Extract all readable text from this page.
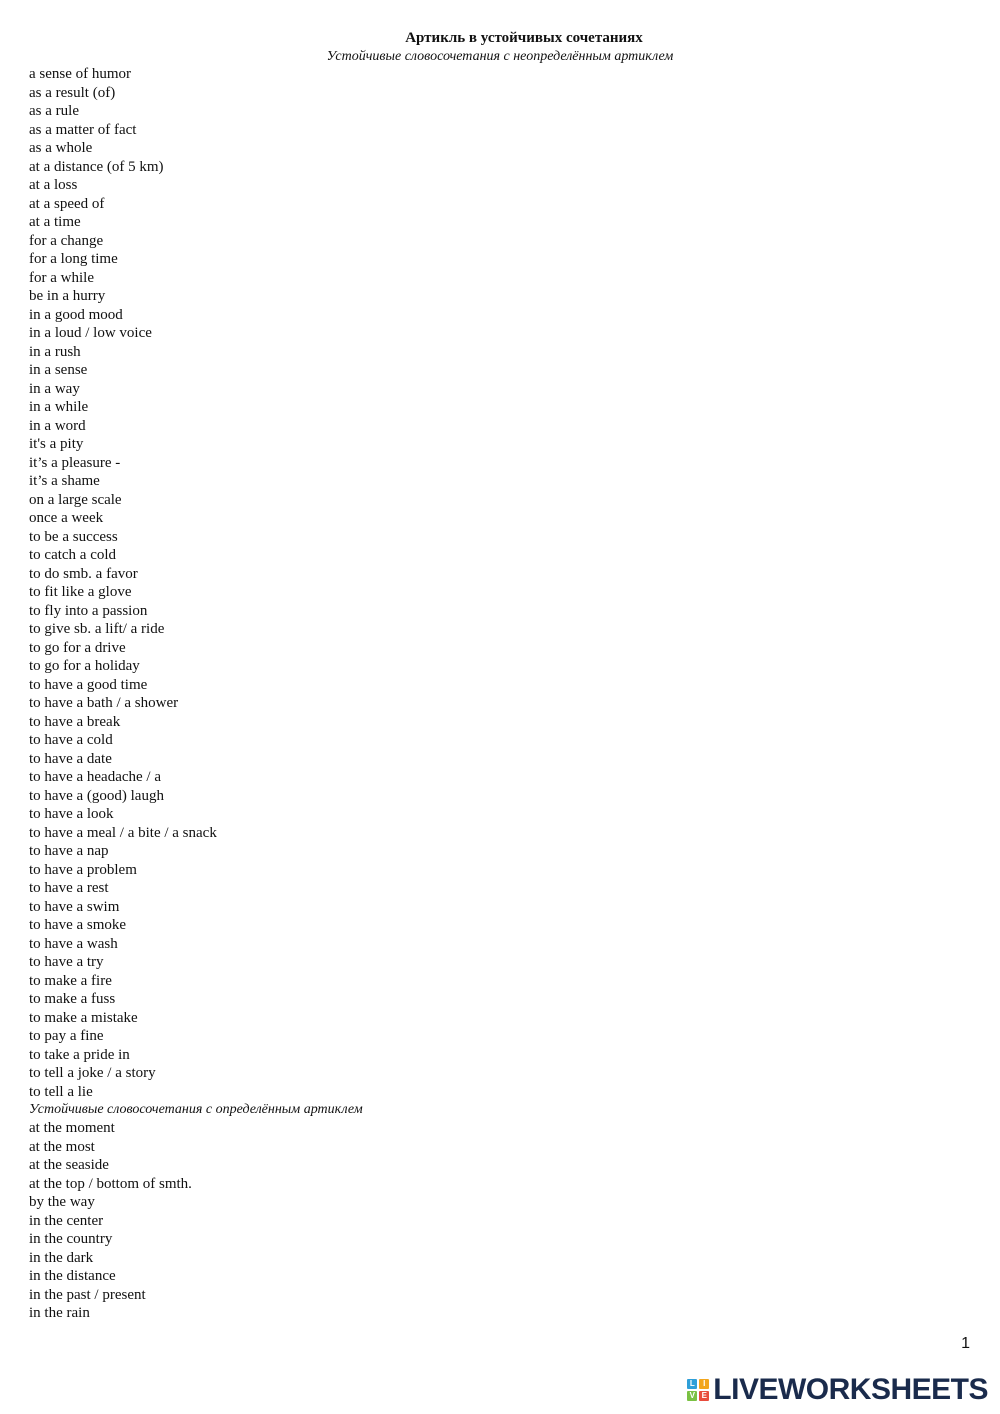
Артикль в устойчивых сочетаниях
Устойчивые словосочетания с неопределённым артиклем
a sense of humor
as a result (of)
as a rule
as a matter of fact
as a whole
at a distance (of 5 km)
at a loss
at a speed of
at a time
for a change
for a long time
for a while
be in a hurry
in a good mood
in a loud / low voice
in a rush
in a sense
in a way
in a while
in a word
it's a pity
it’s a pleasure -
it’s a shame
on a large scale
once a week
to be a success
to catch a cold
to do smb. a favor
to fit like a glove
to fly into a passion
to give sb. a lift/ a ride
to go for a drive
to go for a holiday
to have a good time
to have a bath / a shower
to have a break
to have a cold
to have a date
to have a headache / a
to have a (good) laugh
to have a look
to have a meal / a bite / a snack
to have a nap
to have a problem
to have a rest
to have a swim
to have a smoke
to have a wash
to have a try
to make a fire
to make a fuss
to make a mistake
to pay a fine
to take a pride in
to tell a joke / a story
to tell a lie
Устойчивые словосочетания с определённым артиклем
at the moment
at the most
at the seaside
at the top / bottom of smth.
by the way
in the center
in the country
in the dark
in the distance
in the past / present
in the rain
1
L	I
V E LIVEWORKSHEETS
